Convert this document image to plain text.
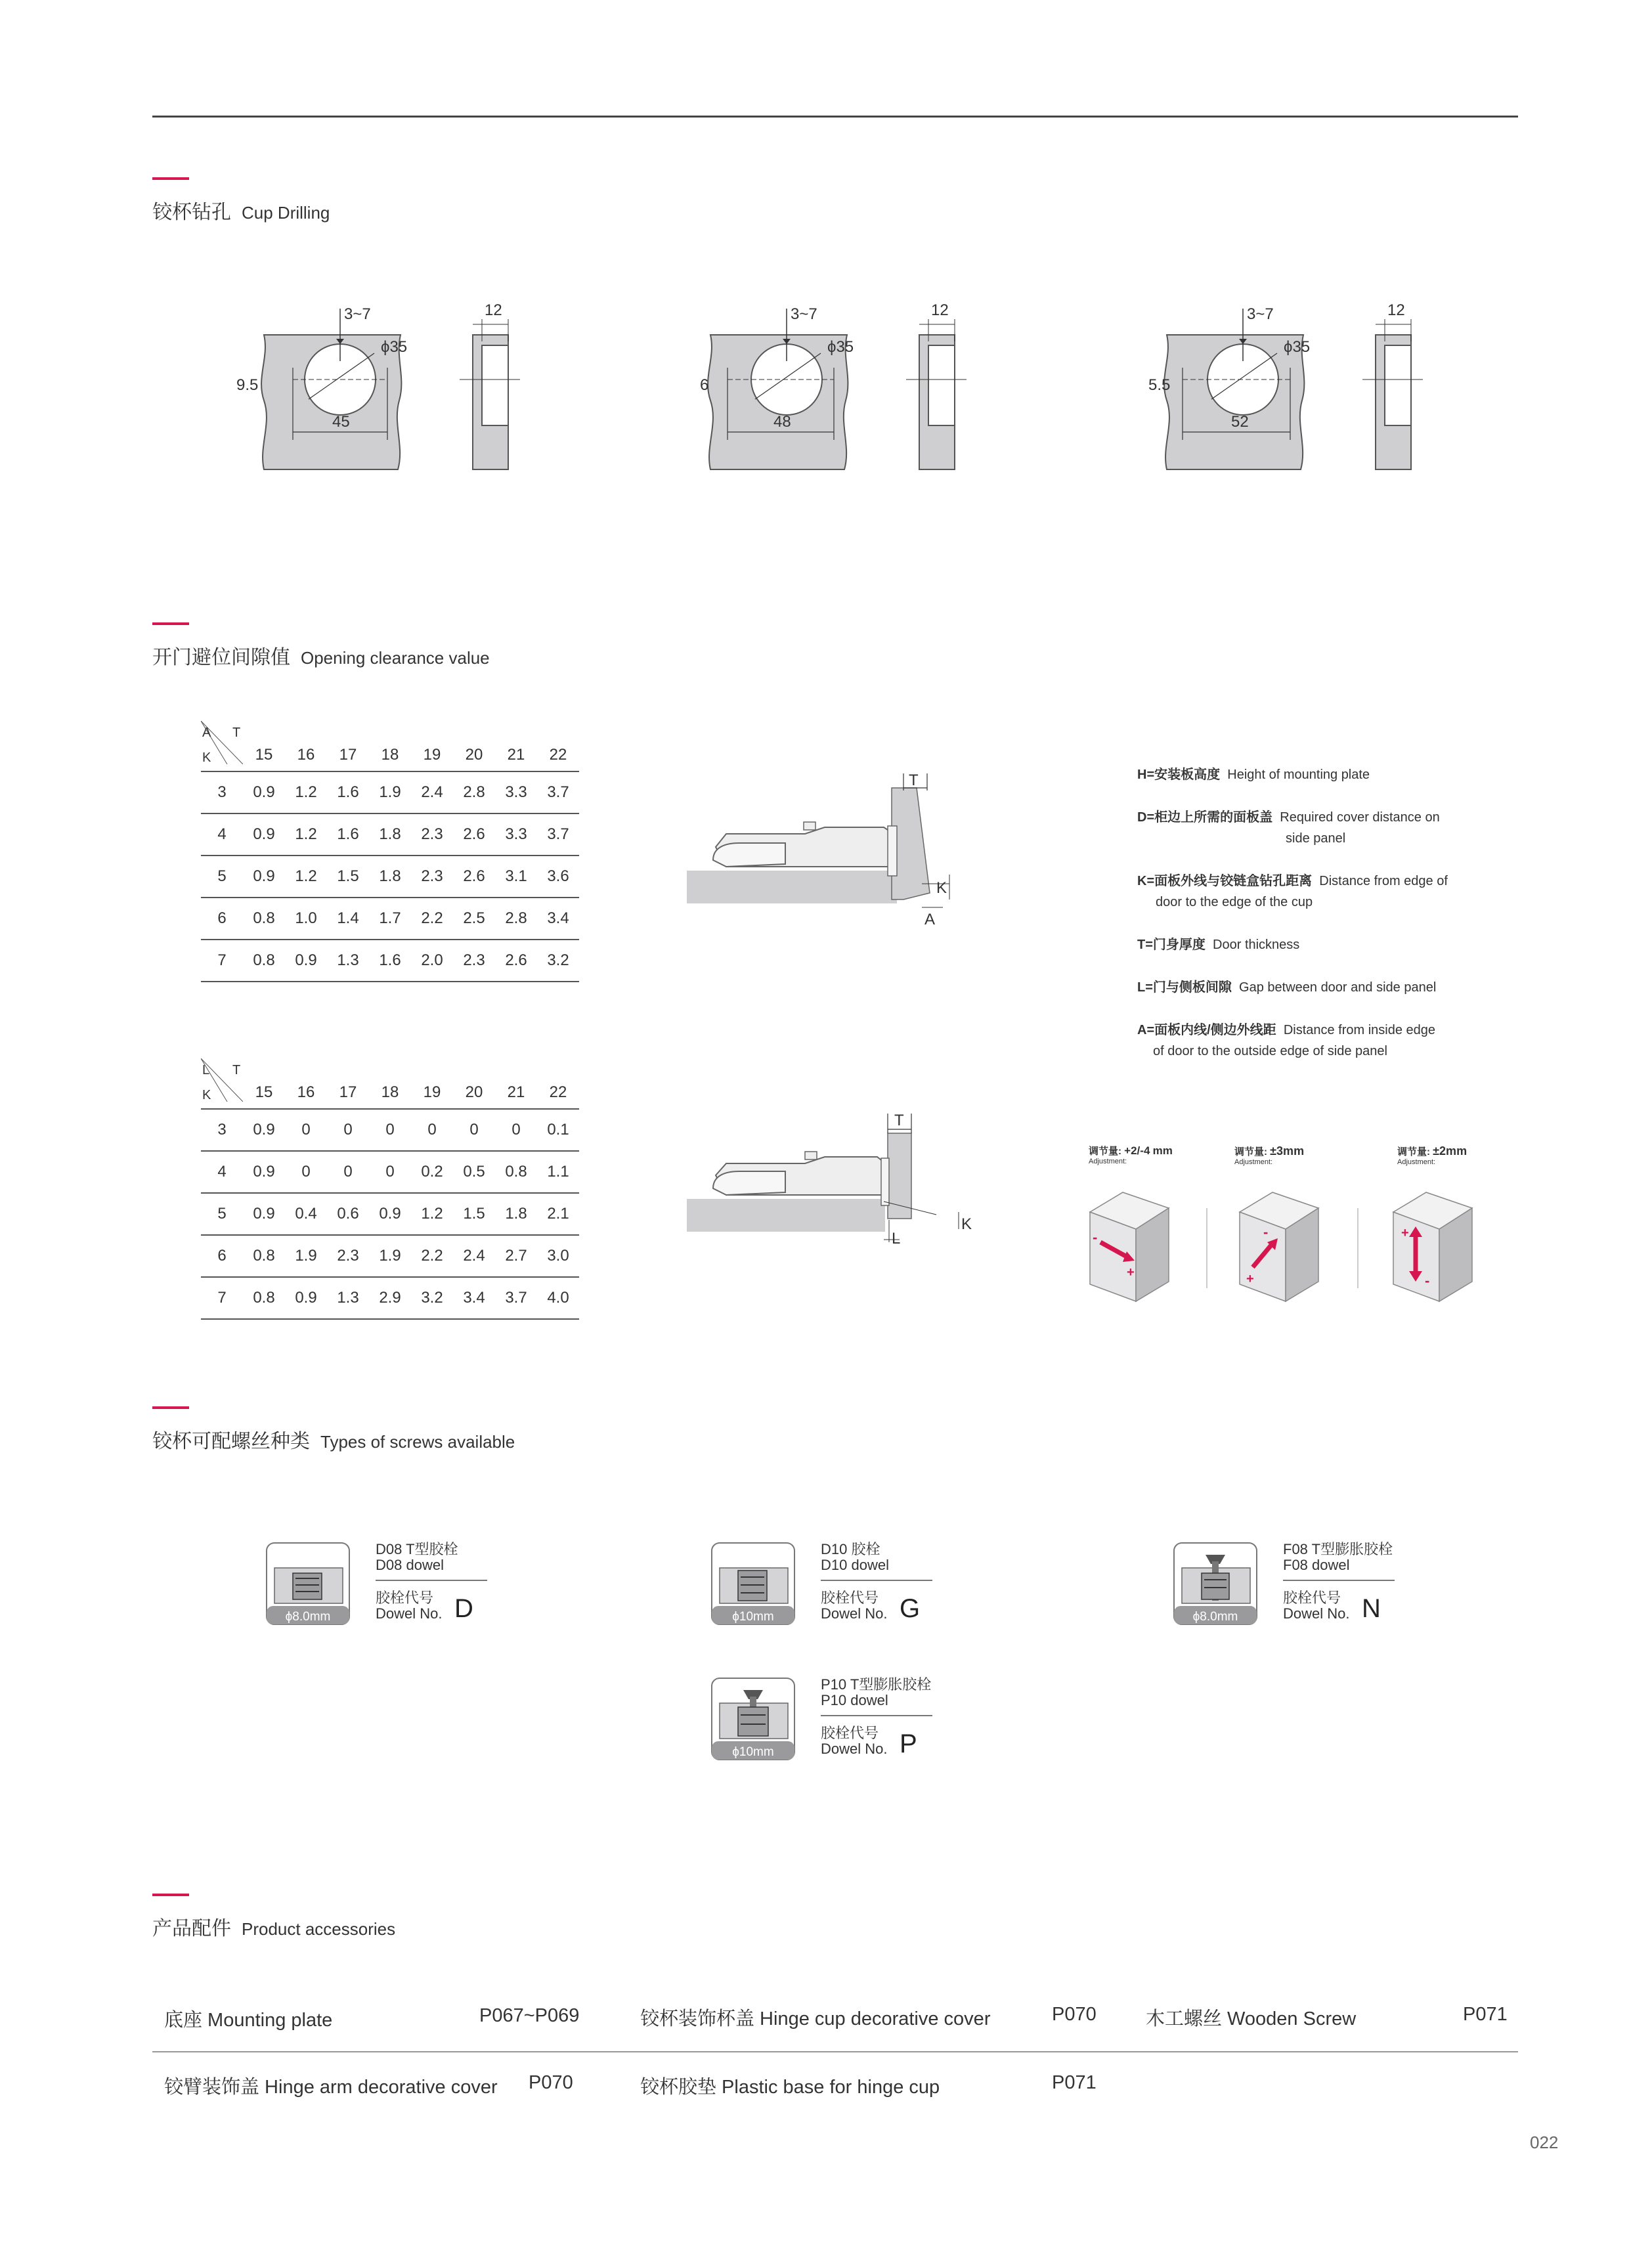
铰杯钻孔 Cup Drilling
开门避位间隙值 Opening clearance value
铰杯可配螺丝种类 Types of screws available
产品配件 Product accessories
3~7
ϕ35
45
9.5
12	3~7
ϕ35
48
6
12	3~7
ϕ35
52
5.5
12
A T
K	15	16	17	18	19	20	21	22
3	0.9	1.2	1.6	1.9	2.4	2.8	3.3	3.7
4	0.9	1.2	1.6	1.8	2.3	2.6	3.3	3.7
5	0.9	1.2	1.5	1.8	2.3	2.6	3.1	3.6
6	0.8	1.0	1.4	1.7	2.2	2.5	2.8	3.4
7	0.8	0.9	1.3	1.6	2.0	2.3	2.6	3.2
L T
K	15	16	17	18	19	20	21	22
3	0.9	0	0	0	0	0	0	0.1
4	0.9	0	0	0	0.2	0.5	0.8	1.1
5	0.9	0.4	0.6	0.9	1.2	1.5	1.8	2.1
6	0.8	1.9	2.3	1.9	2.2	2.4	2.7	3.0
7	0.8	0.9	1.3	2.9	3.2	3.4	3.7	4.0
T
K
A
T
L
K
H=安装板高度 Height of mounting plate
D=柜边上所需的面板盖 Required cover distance on
side panel
K=面板外线与铰链盒钻孔距离 Distance from edge of
door to the edge of the cup
T=门身厚度 Door thickness
L=门与侧板间隙 Gap between door and side panel
A=面板内线/侧边外线距 Distance from inside edge
of door to the outside edge of side panel
调节量: +2/-4 mm
Adjustment:
调节量: ±3mm
Adjustment:
调节量: ±2mm
Adjustment:
-
+
-
+
+
-
ϕ8.0mm
D08 T型胶栓
D08 dowel
胶栓代号
Dowel No. D	ϕ10mm
D10 胶栓
D10 dowel
胶栓代号
Dowel No. G	ϕ8.0mm
F08 T型膨胀胶栓
F08 dowel
胶栓代号
Dowel No. N
ϕ10mm
P10 T型膨胀胶栓
P10 dowel
胶栓代号
Dowel No. P
底座 Mounting plate	P067~P069	铰杯装饰杯盖 Hinge cup decorative cover	P070	木工螺丝 Wooden Screw	P071
铰臂装饰盖 Hinge arm decorative cover P070	铰杯胶垫 Plastic base for hinge cup	P071
022
